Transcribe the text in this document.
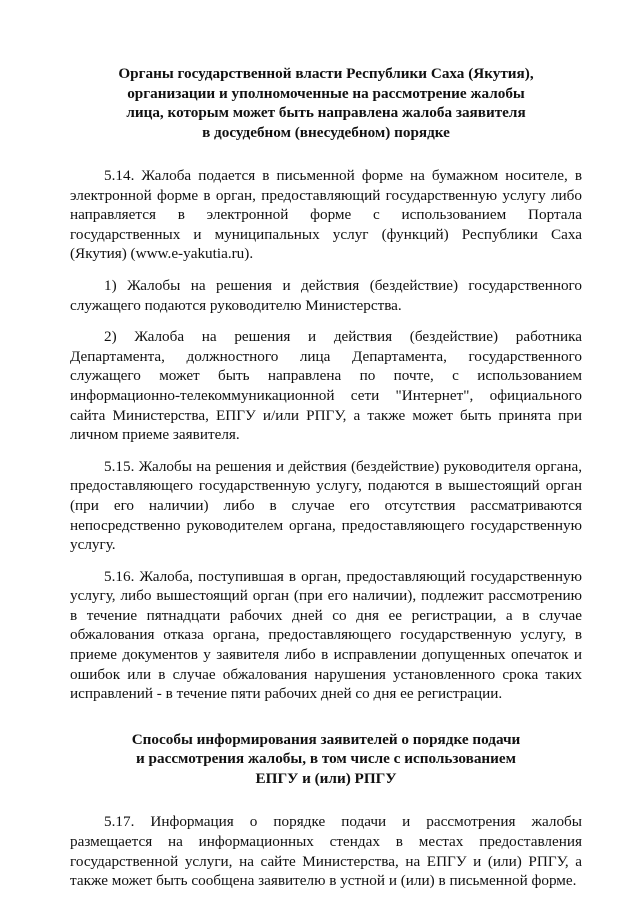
Органы государственной власти Республики Саха (Якутия),
организации и уполномоченные на рассмотрение жалобы
лица, которым может быть направлена жалоба заявителя
в досудебном (внесудебном) порядке

5.14. Жалоба подается в письменной форме на бумажном носителе, в электронной форме в орган, предоставляющий государственную услугу либо направляется в электронной форме с использованием Портала государственных и муниципальных услуг (функций) Республики Саха (Якутия) (www.e-yakutia.ru).

1) Жалобы на решения и действия (бездействие) государственного служащего подаются руководителю Министерства.

2) Жалоба на решения и действия (бездействие) работника Департамента, должностного лица Департамента, государственного служащего может быть направлена по почте, с использованием информационно-телекоммуникационной сети "Интернет", официального сайта Министерства, ЕПГУ и/или РПГУ, а также может быть принята при личном приеме заявителя.

5.15. Жалобы на решения и действия (бездействие) руководителя органа, предоставляющего государственную услугу, подаются в вышестоящий орган (при его наличии) либо в случае его отсутствия рассматриваются непосредственно руководителем органа, предоставляющего государственную услугу.

5.16. Жалоба, поступившая в орган, предоставляющий государственную услугу, либо вышестоящий орган (при его наличии), подлежит рассмотрению в течение пятнадцати рабочих дней со дня ее регистрации, а в случае обжалования отказа органа, предоставляющего государственную услугу, в приеме документов у заявителя либо в исправлении допущенных опечаток и ошибок или в случае обжалования нарушения установленного срока таких исправлений - в течение пяти рабочих дней со дня ее регистрации.

Способы информирования заявителей о порядке подачи
и рассмотрения жалобы, в том числе с использованием
ЕПГУ и (или) РПГУ

5.17. Информация о порядке подачи и рассмотрения жалобы размещается на информационных стендах в местах предоставления государственной услуги, на сайте Министерства, на ЕПГУ и (или) РПГУ, а также может быть сообщена заявителю в устной и (или) в письменной форме.
